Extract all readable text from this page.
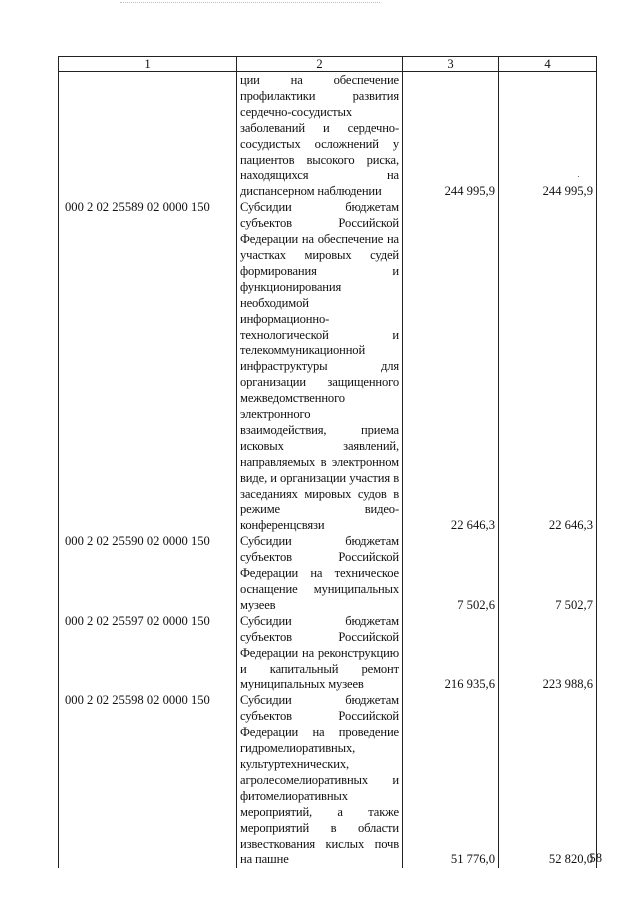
1	2	3	4
	ции на обеспечение профилактики развития сердечно-сосудистых заболеваний и сердечно-сосудистых осложнений у пациентов высокого риска, находящихся на диспансерном наблюдении	244 995,9	244 995,9
000 2 02 25589 02 0000 150	Субсидии бюджетам субъектов Российской Федерации на обеспечение на участках мировых судей формирования и функционирования необходимой информационно-технологической и телекоммуникационной инфраструктуры для организации защищенного межведомственного электронного взаимодействия, приема исковых заявлений, направляемых в электронном виде, и организации участия в заседаниях мировых судов в режиме видео-конференцсвязи	22 646,3	22 646,3
000 2 02 25590 02 0000 150	Субсидии бюджетам субъектов Российской Федерации на техническое оснащение муниципальных музеев	7 502,6	7 502,7
000 2 02 25597 02 0000 150	Субсидии бюджетам субъектов Российской Федерации на реконструкцию и капитальный ремонт муниципальных музеев	216 935,6	223 988,6
000 2 02 25598 02 0000 150	Субсидии бюджетам субъектов Российской Федерации на проведение гидромелиоративных, культуртехнических, агролесомелиоративных и фитомелиоративных мероприятий, а также мероприятий в области известкования кислых почв на пашне	51 776,0	52 820,0
58
